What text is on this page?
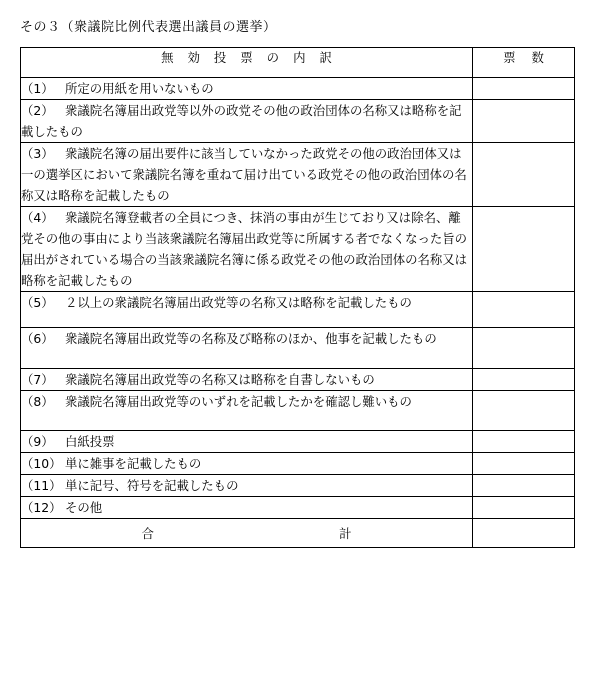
その３（衆議院比例代表選出議員の選挙）
無効投票の内訳	票数
（1） 所定の用紙を用いないもの	
（2） 衆議院名簿届出政党等以外の政党その他の政治団体の名称又は略称を記載したもの	
（3） 衆議院名簿の届出要件に該当していなかった政党その他の政治団体又は一の選挙区において衆議院名簿を重ねて届け出ている政党その他の政治団体の名称又は略称を記載したもの	
（4） 衆議院名簿登載者の全員につき、抹消の事由が生じており又は除名、離党その他の事由により当該衆議院名簿届出政党等に所属する者でなくなった旨の届出がされている場合の当該衆議院名簿に係る政党その他の政治団体の名称又は略称を記載したもの	
（5） ２以上の衆議院名簿届出政党等の名称又は略称を記載したもの	
（6） 衆議院名簿届出政党等の名称及び略称のほか、他事を記載したもの	
（7） 衆議院名簿届出政党等の名称又は略称を自書しないもの	
（8） 衆議院名簿届出政党等のいずれを記載したかを確認し難いもの	
（9） 白紙投票	
（10） 単に雑事を記載したもの	
（11） 単に記号、符号を記載したもの	
（12） その他	

合 計	
